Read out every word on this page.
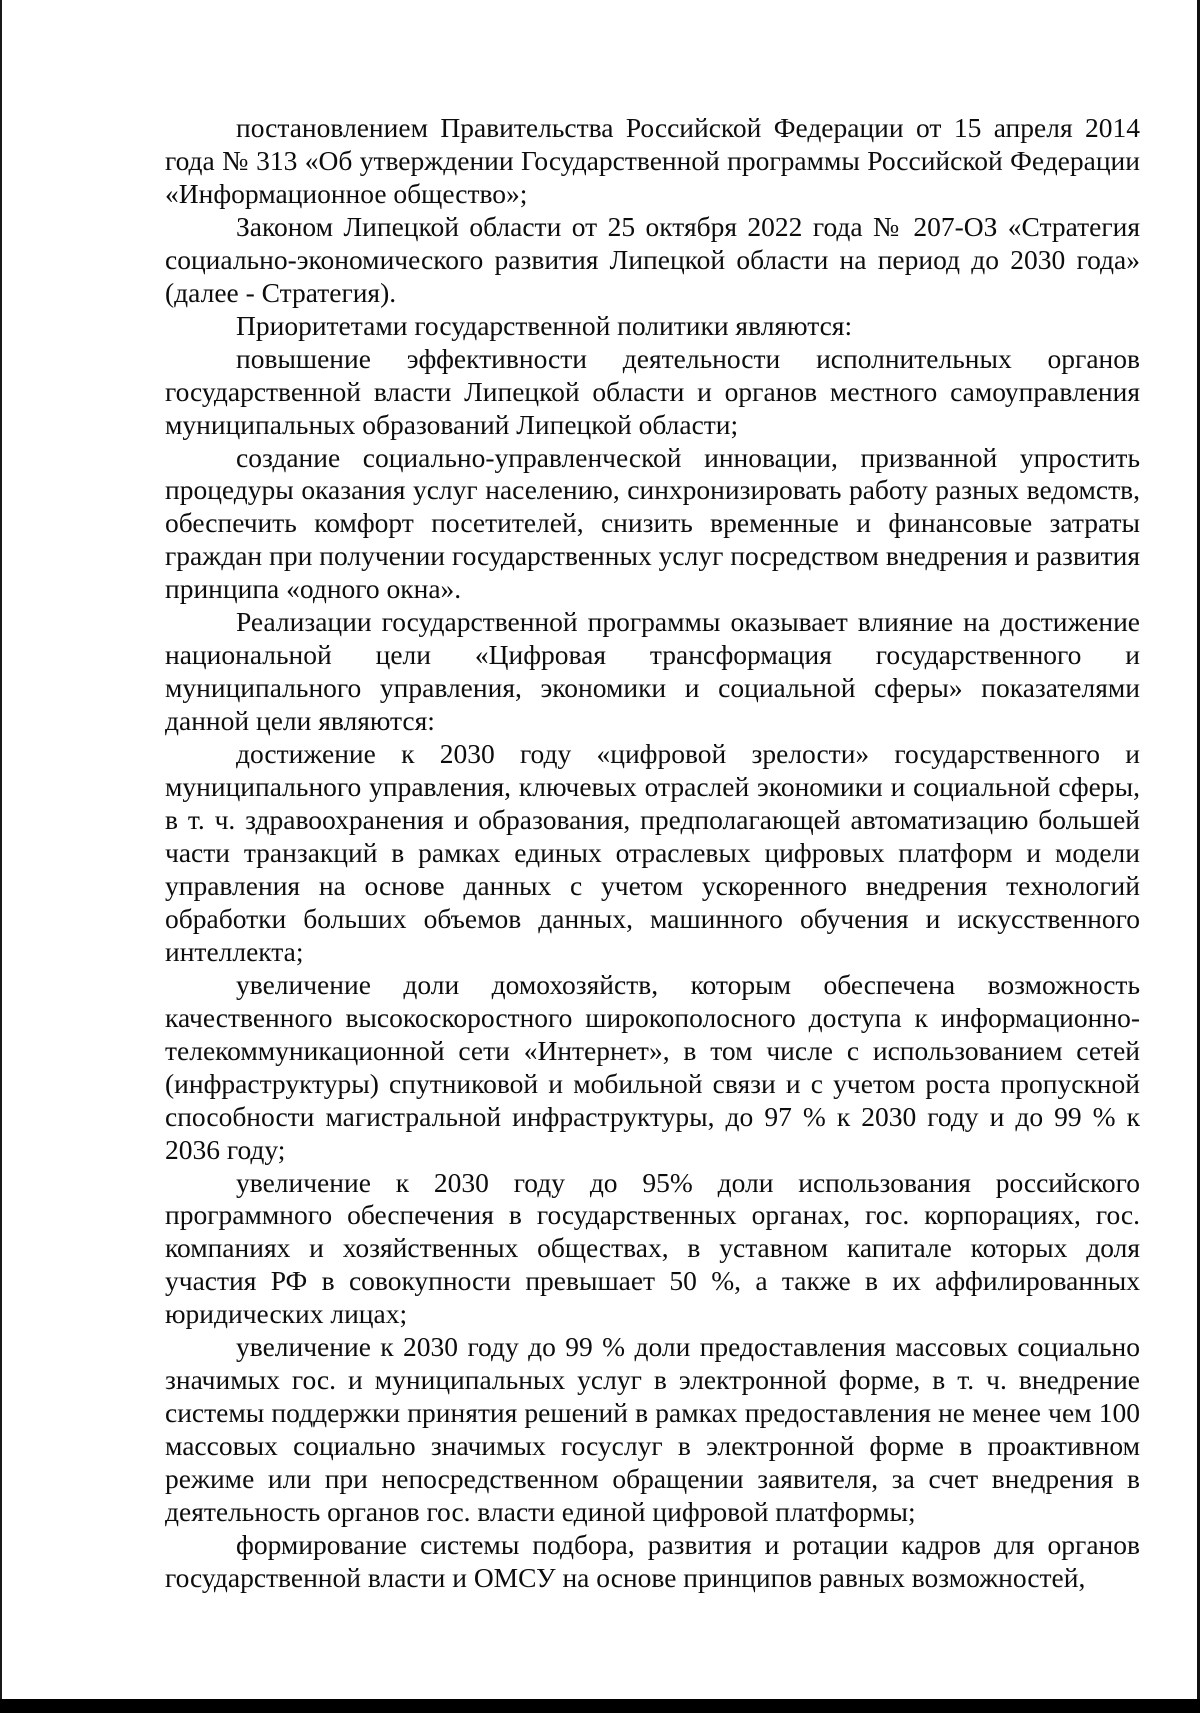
постановлением Правительства Российской Федерации от 15 апреля 2014 года № 313 «Об утверждении Государственной программы Российской Федерации «Информационное общество»;

Законом Липецкой области от 25 октября 2022 года № 207-ОЗ «Стратегия социально-экономического развития Липецкой области на период до 2030 года» (далее - Стратегия).

Приоритетами государственной политики являются:

повышение эффективности деятельности исполнительных органов государственной власти Липецкой области и органов местного самоуправления муниципальных образований Липецкой области;

создание социально-управленческой инновации, призванной упростить процедуры оказания услуг населению, синхронизировать работу разных ведомств, обеспечить комфорт посетителей, снизить временные и финансовые затраты граждан при получении государственных услуг посредством внедрения и развития принципа «одного окна».

Реализации государственной программы оказывает влияние на достижение национальной цели «Цифровая трансформация государственного и муниципального управления, экономики и социальной сферы» показателями данной цели являются:

достижение к 2030 году «цифровой зрелости» государственного и муниципального управления, ключевых отраслей экономики и социальной сферы, в т. ч. здравоохранения и образования, предполагающей автоматизацию большей части транзакций в рамках единых отраслевых цифровых платформ и модели управления на основе данных с учетом ускоренного внедрения технологий обработки больших объемов данных, машинного обучения и искусственного интеллекта;

увеличение доли домохозяйств, которым обеспечена возможность качественного высокоскоростного широкополосного доступа к информационно-телекоммуникационной сети «Интернет», в том числе с использованием сетей (инфраструктуры) спутниковой и мобильной связи и с учетом роста пропускной способности магистральной инфраструктуры, до 97 % к 2030 году и до 99 % к 2036 году;

увеличение к 2030 году до 95% доли использования российского программного обеспечения в государственных органах, гос. корпорациях, гос. компаниях и хозяйственных обществах, в уставном капитале которых доля участия РФ в совокупности превышает 50 %, а также в их аффилированных юридических лицах;

увеличение к 2030 году до 99 % доли предоставления массовых социально значимых гос. и муниципальных услуг в электронной форме, в т. ч. внедрение системы поддержки принятия решений в рамках предоставления не менее чем 100 массовых социально значимых госуслуг в электронной форме в проактивном режиме или при непосредственном обращении заявителя, за счет внедрения в деятельность органов гос. власти единой цифровой платформы;

формирование системы подбора, развития и ротации кадров для органов государственной власти и ОМСУ на основе принципов равных возможностей,
